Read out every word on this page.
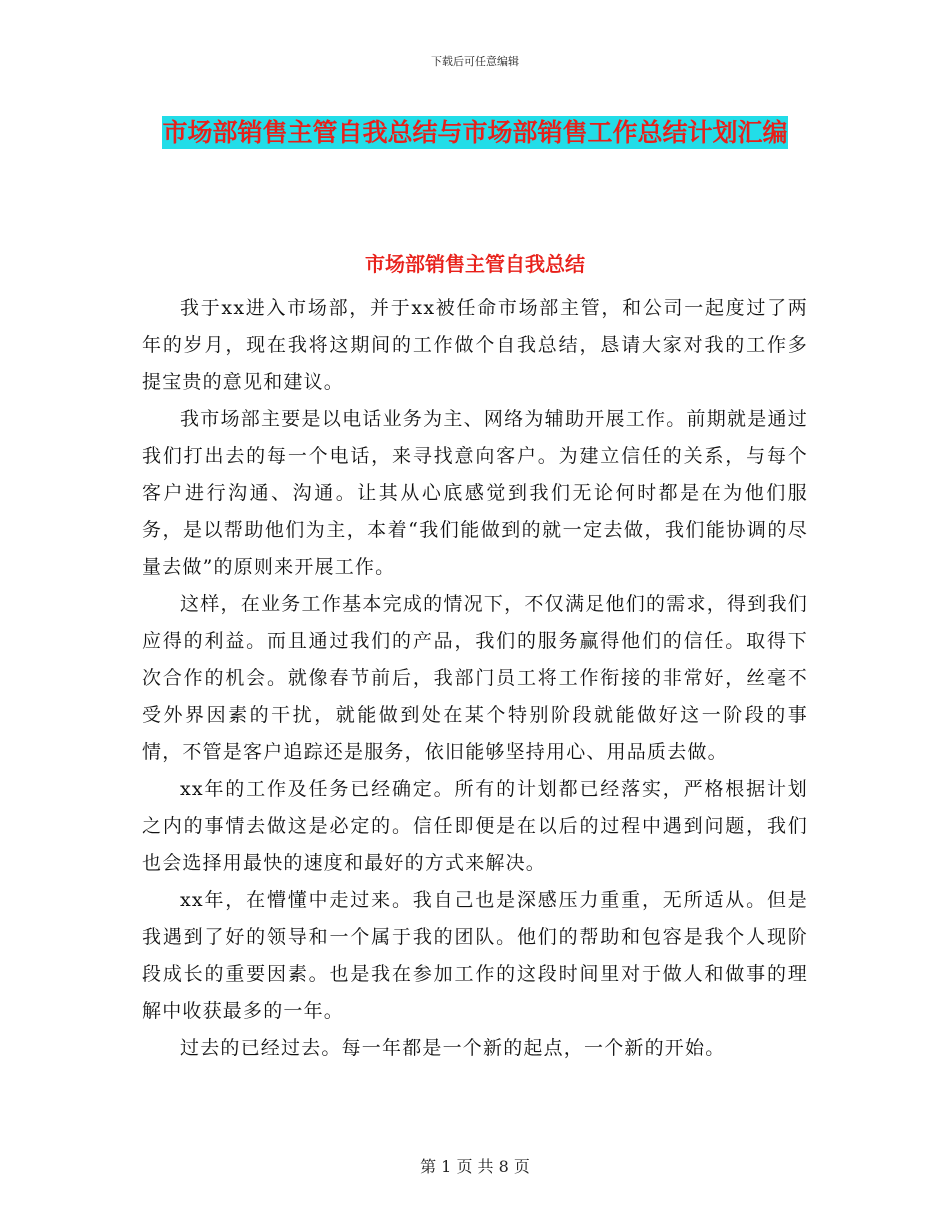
下载后可任意编辑
市场部销售主管自我总结与市场部销售工作总结计划汇编
市场部销售主管自我总结

我于xx进入市场部，并于xx被任命市场部主管，和公司一起度过了两年的岁月，现在我将这期间的工作做个自我总结，恳请大家对我的工作多提宝贵的意见和建议。

我市场部主要是以电话业务为主、网络为辅助开展工作。前期就是通过我们打出去的每一个电话，来寻找意向客户。为建立信任的关系，与每个客户进行沟通、沟通。让其从心底感觉到我们无论何时都是在为他们服务，是以帮助他们为主，本着“我们能做到的就一定去做，我们能协调的尽量去做”的原则来开展工作。

这样，在业务工作基本完成的情况下，不仅满足他们的需求，得到我们应得的利益。而且通过我们的产品，我们的服务赢得他们的信任。取得下次合作的机会。就像春节前后，我部门员工将工作衔接的非常好，丝毫不受外界因素的干扰，就能做到处在某个特别阶段就能做好这一阶段的事情，不管是客户追踪还是服务，依旧能够坚持用心、用品质去做。

xx年的工作及任务已经确定。所有的计划都已经落实，严格根据计划之内的事情去做这是必定的。信任即便是在以后的过程中遇到问题，我们也会选择用最快的速度和最好的方式来解决。

xx年，在懵懂中走过来。我自己也是深感压力重重，无所适从。但是我遇到了好的领导和一个属于我的团队。他们的帮助和包容是我个人现阶段成长的重要因素。也是我在参加工作的这段时间里对于做人和做事的理解中收获最多的一年。

过去的已经过去。每一年都是一个新的起点，一个新的开始。

第 1 页 共 8 页
